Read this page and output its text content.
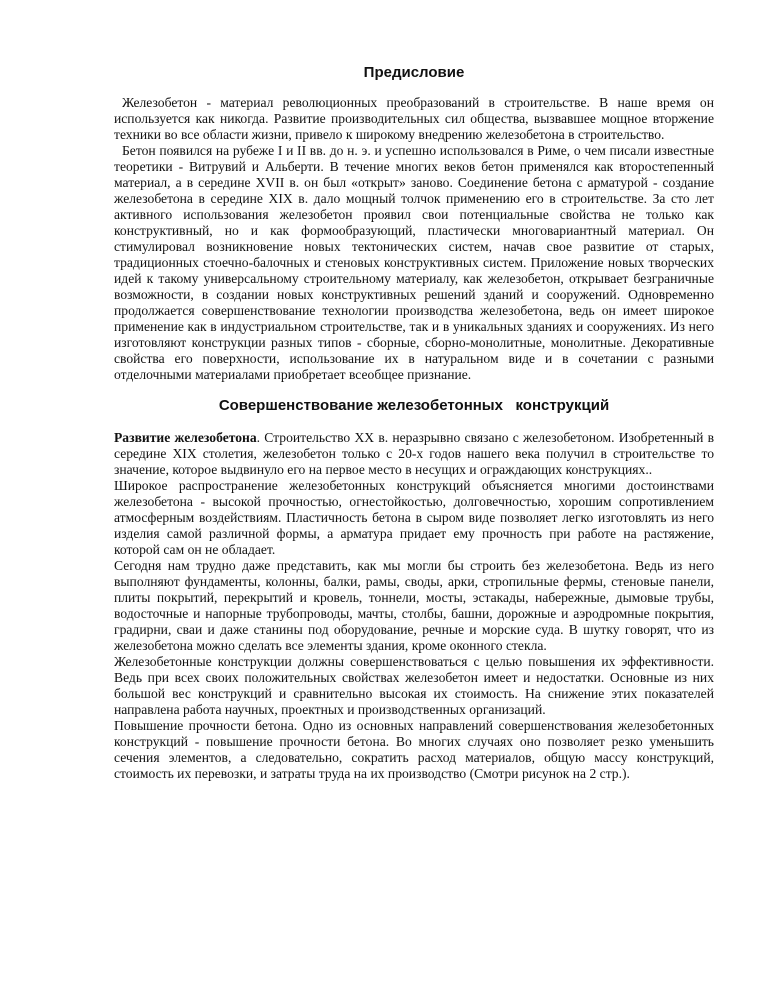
Предисловие

Железобетон - материал революционных преобразований в строительстве. В наше время он используется как никогда. Развитие производительных сил общества, вызвавшее мощное вторжение техники во все области жизни, привело к широкому внедрению железобетона в строительство.

Бетон появился на рубеже I и II вв. до н. э. и успешно использовался в Риме, о чем писали известные теоретики - Витрувий и Альберти. В течение многих веков бетон применялся как второстепенный материал, а в середине XVII в. он был «открыт» заново. Соединение бетона с арматурой - создание железобетона в середине XIX в. дало мощный толчок применению его в строительстве. За сто лет активного использования железобетон проявил свои потенциальные свойства не только как конструктивный, но и как формообразующий, пластически многовариантный материал. Он стимулировал возникновение новых тектонических систем, начав свое развитие от старых, традиционных стоечно-балочных и стеновых конструктивных систем. Приложение новых творческих идей к такому универсальному строительному материалу, как железобетон, открывает безграничные возможности, в создании новых конструктивных решений зданий и сооружений. Одновременно продолжается совершенствование технологии производства железобетона, ведь он имеет широкое применение как в индустриальном строительстве, так и в уникальных зданиях и сооружениях. Из него изготовляют конструкции разных типов - сборные, сборно-монолитные, монолитные. Декоративные свойства его поверхности, использование их в натуральном виде и в сочетании с разными отделочными материалами приобретает всеобщее признание.

Совершенствование железобетонных   конструкций

Развитие железобетона. Строительство XX в. неразрывно связано с железобетоном. Изобретенный в середине XIX столетия, железобетон только с 20-х годов нашего века получил в строительстве то значение, которое выдвинуло его на первое место в несущих и ограждающих конструкциях..

Широкое распространение железобетонных конструкций объясняется многими достоинствами железобетона - высокой прочностью, огнестойкостью, долговечностью, хорошим сопротивлением атмосферным воздействиям. Пластичность бетона в сыром виде позволяет легко изготовлять из него изделия самой различной формы, а арматура придает ему прочность при работе на растяжение, которой сам он не обладает.

Сегодня нам трудно даже представить, как мы могли бы строить без железобетона. Ведь из него выполняют фундаменты, колонны, балки, рамы, своды, арки, стропильные фермы, стеновые панели, плиты покрытий, перекрытий и кровель, тоннели, мосты, эстакады, набережные, дымовые трубы, водосточные и напорные трубопроводы, мачты, столбы, башни, дорожные и аэродромные покрытия, градирни, сваи и даже станины под оборудование, речные и морские суда. В шутку говорят, что из железобетона можно сделать все элементы здания, кроме оконного стекла.

Железобетонные конструкции должны совершенствоваться с целью повышения их эффективности. Ведь при всех своих положительных свойствах железобетон имеет и недостатки. Основные из них большой вес конструкций и сравнительно высокая их стоимость. На снижение этих показателей направлена работа научных, проектных и производственных организаций.

Повышение прочности бетона. Одно из основных направлений совершенствования железобетонных конструкций - повышение прочности бетона. Во многих случаях оно позволяет резко уменьшить сечения элементов, а следовательно, сократить расход материалов, общую массу конструкций, стоимость их перевозки, и затраты труда на их производство (Смотри рисунок на 2 стр.).
